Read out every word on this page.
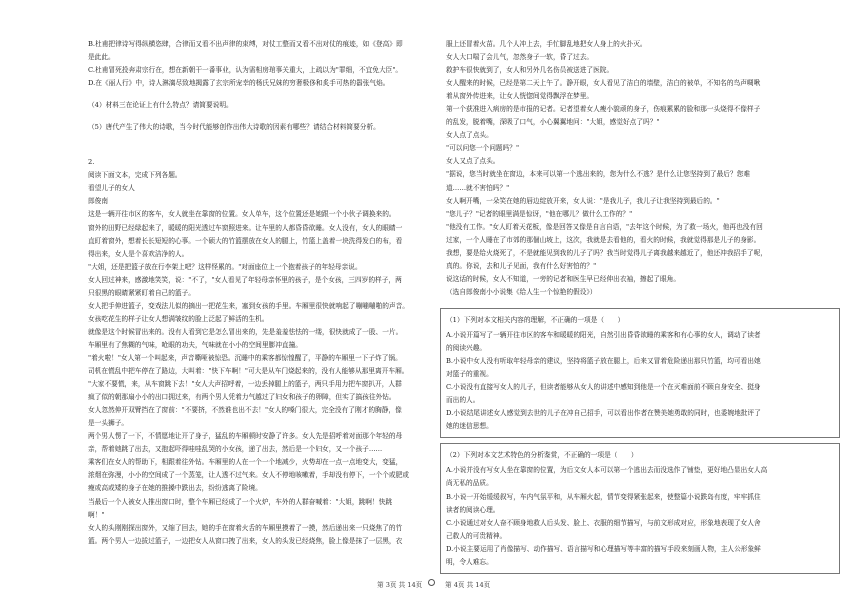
B.杜甫把律诗写得纵横恣肆，合律而又看不出声律的束缚，对仗工整而又看不出对仗的痕迹，如《登高》即

是此此。

C.杜甫冒死投奔肃宗行在，想在新朝干一番事业，认为需相房琯事关重大，上疏以为"罪细，不宜免大臣"。

D.在《丽人行》中，诗人淋漓尽致地揭露了玄宗所宠幸的杨氏兄妹的穷奢极侈和炙手可热的嚣张气焰。

（4）材料三在论证上有什么特点？请简要说明。

（5）唐代产生了伟大的诗歌，当今时代能够创作出伟大诗歌的因素有哪些？请结合材料简要分析。

2.

阅读下面文本，完成下列各题。

看望儿子的女人

郎俊南

这是一辆开往市区的客车，女人就坐在靠窗的位置。女人单车，这个位置还是她跟一个小伙子调换来的。

窗外的田野已经绿起来了，暖暖的阳光透过车窗照进来。让车里的人都昏昏欲睡。女人没有，女人的眼睛一

直盯着窗外，想着长长短短的心事。一个硕大的竹篮摆放在女人的腿上，竹篮上盖着一块洗得发白的布，看

得出来，女人是个喜欢洁净的人。

"大姐，还是把篮子放在行李架上吧？这样怪累的。"对面座位上一个抱着孩子的年轻母亲说。

女人回过神来，感激地笑笑，说："不了，"女人看见了年轻母亲怀里的孩子，是个女孩，三四岁的样子，两

只很黑的眼睛紧紧盯着自己的篮子。

女人把手伸进篮子，变戏法儿似的摘出一把花生来，塞到女孩的手里。车厢里很快就响起了嘣嘣嘣啪的声音。

女孩吃花生的样子让女人想满皱纹的脸上泛起了鲜活的生机。

就像是这个时候冒出来的。没有人看到它是怎么冒出来的，先是羞羞怯怯的一缕，很快就成了一股、一片。

车厢里有了焦糊的气味，呛眼的功夫，气味就在小小的空间里膨冲直撞。

"着火啦！"女人第一个叫起来，声音嘶哑被惊恐。沉睡中的乘客都惊惶醒了，平静的车厢里一下子炸了锅。

司机在慌乱中把车停在了路边，大叫着："快下车啊！"可大是从车门烧起来的，没有人能够从那里离开车厢。

"大家不要慌，来，从车窗跳下去！"女人大声招呼着，一边丢掉腿上的篮子，两只手用力把车窗扒开，人群

疯了似的朝那扇小小的出口拥过来，有两个男人凭着力气越过了妇女和孩子的卵障，但实了搞孩往外钻。

女人忽然伸开双臂挡在了窗前："不要挤，不然谁也出不去！"女人的嗓门很大，完全没有了刚才的胸静，像

是一头狮子。

两个男人愣了一下，不情愿地让开了身子，猛乱的车厢顿时安静了许多。女人先是招呼着对面那个年轻的母

亲，帮着她跳了出去，又抱起吓得哇哇乱哭的小女孩，递了出去，然后是一个妇女，又一个孩子……

乘客们在女人的帮助下，相跟着往外钻。车厢里的人在一个一个地减少，火势却在一点一点地变大，变猛，

浓烟在弥漫，小小的空间成了一个蒸笼，让人透不过气来。女人不停地咳嗽着，手却没有停下，一个个或肥或

瘦或高或矮的身子在她的推搡中跌出去，纷纷逃离了险境。

当最后一个人被女人推出窗口时，整个车厢已经成了一个火炉，车外的人群奋喊着："大姐，跳啊！快跳

啊！"

女人的头刚刚探出窗外，又缩了回去，她的手在窗着火舌的车厢里摸着了一摸，然后递出来一只烧焦了的竹

篮。两个男人一边拔过篮子，一边把女人从窗口拽了出来，女人的头发已经烧焦，脸上像是抹了一层黑，衣

服上还冒着火苗。几个人冲上去，手忙脚乱地把女人身上的火扑灭。

女人大口喘了会儿气，忽然身子一软，昏了过去。

救护车很快就到了，女人和另外几名伤员被送进了医院。

女人醒来的时候，已经是第二天上午了。静开眼，女人看见了洁白的墙壁，洁白的被单，不知名的鸟声啁啾

着从窗外传进来，让女人恍惚间觉得飘浮在梦里。

第一个获准进入病房的是市报的记者。记者望着女人瘦小貌顽的身子，伤痕累累的脸和那一头烧得不像样子

的乱发，脱着嘴，深吸了口气，小心翼翼地问："大姐，感觉好点了吗？"

女人点了点头。

"可以问您一个问题吗？"

女人又点了点头。

"据说，您当时就坐在窗边，本来可以第一个逃出来的，您为什么不逃？是什么让您坚持到了最后？您难

道……就不害怕吗？"

女人啊开嘴，一朵笑在她的唇边绽放开来，女人说："是我儿子，我儿子让我坚持到最后的。"

"您儿子？"记者的眼里满是惊讶，"他在哪儿？做什么工作的？"

"他没有工作。"女人盯着天花板，像是回答又像是自言自语，"去年这个时候，为了救一场火，他再也没有回

过家，一个人睡在了市郊的那個山坡上，这次，我就是去看他的，看火的时候，我就觉得那是儿子的身影。

我想，要是给火烧死了，不是就能见到我的儿子了吗？我当时觉得儿子离我越来越近了，他还冲我招手了呢，

真的。你说，去和儿子见面，我有什么好害怕的？"

说这话的时候，女人不知道，一旁的记者和医生早已经伸出衣袖，擦起了眼角。

（选自郎俊南小小说集《给人生一个惊艳的假设》）

（1）下列对本文相关内容的理解，不正确的一项是（　　）

A.小说开篇写了一辆开往市区的客车和暖暖的阳光，自然引出昏昏欲睡的乘客和有心事的女人，调动了读者

的阅读兴趣。

B.小说中女人没有听取年轻母亲的建议，坚持将篮子放在腿上，后来又冒着危险递出那只竹篮，均可看出她

对篮子的重视。

C.小说没有直接写女人的儿子，但读者能够从女人的讲述中感知到他是一个在灭难面前不顾自身安全、挺身

而出的人。

D.小说结尾讲述女人感觉到去世的儿子在冲自己招手，可以看出作者在赞美她勇敢的同时，也委婉地批评了

她的迷信思想。

（2）下列对本文艺术特色的分析鉴赏，不正确的一项是（　　）

A.小说并没有写女人坐在靠窗的位置，为后文女人本可以第一个逃出去而没选作了铺垫，更好地凸显出女人高

尚无私的品质。

B.小说一开始缓缓叙写，车内气氛平和，从车厢火起，情节变得紧张起来，使整篇小说跌岛有度，牢牢抓住

读者的阅读心理。

C.小说通过对女人奋不顾身地救人后头发、脸上、衣服的细节描写，与前文形成对应，形象地表现了女人舍

己救人的可贵精神。

D.小说主要运用了肖像描写、动作描写、语言描写和心理描写等丰富的描写手段来刻画人物，主人公形象鲜

明，令人难忘。

第 3页 共 14页	第 4页 共 14页
